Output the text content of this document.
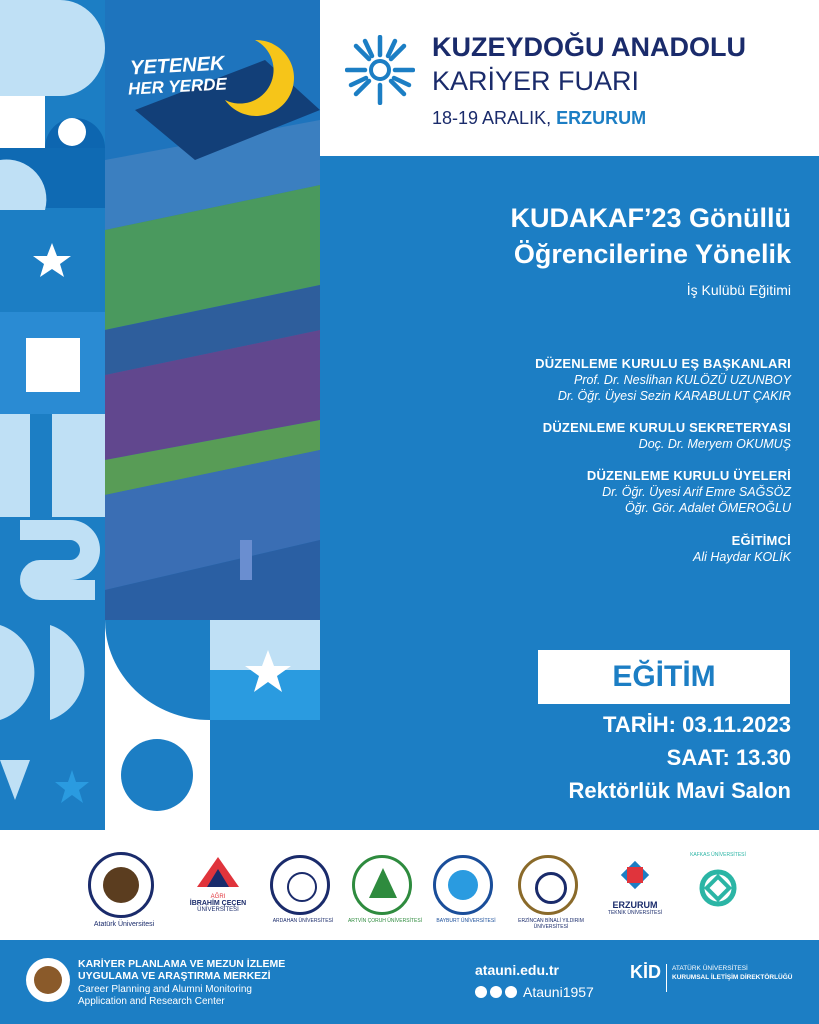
YETENEK
HER YERDE
KUZEYDOĞU ANADOLU
KARİYER FUARI
18-19 ARALIK, ERZURUM
KUDAKAF’23 Gönüllü
Öğrencilerine Yönelik
İş Kulübü Eğitimi
DÜZENLEME KURULU EŞ BAŞKANLARI
Prof. Dr. Neslihan KULÖZÜ UZUNBOY
Dr. Öğr. Üyesi Sezin KARABULUT ÇAKIR
DÜZENLEME KURULU SEKRETERYASI
Doç. Dr. Meryem OKUMUŞ
DÜZENLEME KURULU ÜYELERİ
Dr. Öğr. Üyesi Arif Emre SAĞSÖZ
Öğr. Gör. Adalet ÖMEROĞLU
EĞİTİMCİ
Ali Haydar KOLİK
EĞİTİM
TARİH: 03.11.2023
SAAT: 13.30
Rektörlük Mavi Salon
Atatürk Üniversitesi
AĞRI
İBRAHİM ÇEÇEN
ÜNİVERSİTESİ
ARDAHAN ÜNİVERSİTESİ	ARTVİN ÇORUH ÜNİVERSİTESİ	BAYBURT ÜNİVERSİTESİ	ERZİNCAN BİNALİ YILDIRIM ÜNİVERSİTESİ
ERZURUM
TEKNİK ÜNİVERSİTESİ
KAFKAS ÜNİVERSİTESİ
KARİYER PLANLAMA VE MEZUN İZLEME
UYGULAMA VE ARAŞTIRMA MERKEZİ
Career Planning and Alumni Monitoring
Application and Research Center
atauni.edu.tr
Atauni1957
KİD ATATÜRK ÜNİVERSİTESİ
KURUMSAL İLETİŞİM DİREKTÖRLÜĞÜ
